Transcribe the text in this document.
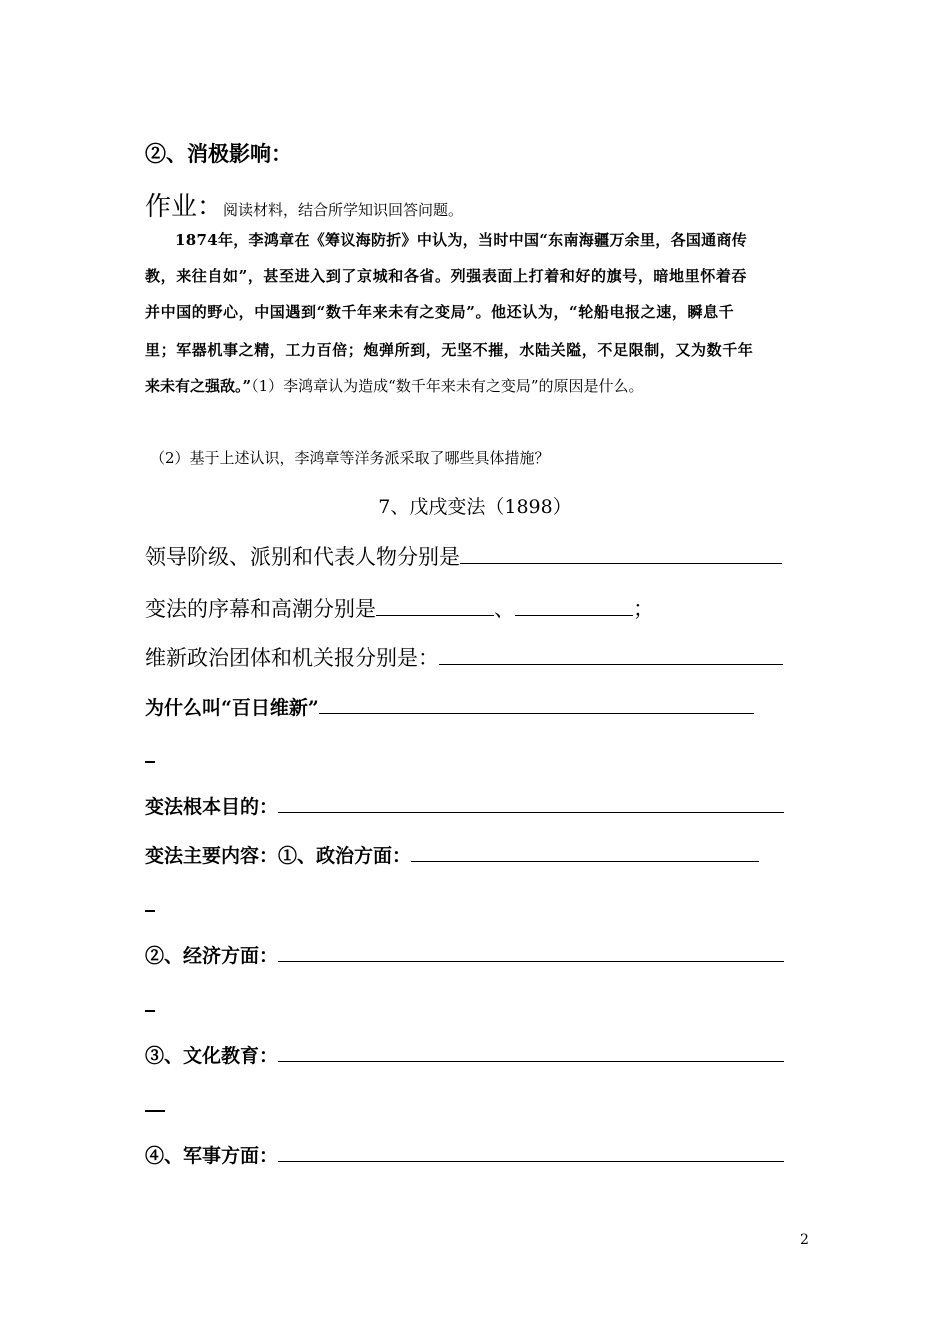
②、消极影响：
作业：阅读材料，结合所学知识回答问题。
1874年，李鸿章在《筹议海防折》中认为，当时中国“东南海疆万余里，各国通商传
教，来往自如”，甚至进入到了京城和各省。列强表面上打着和好的旗号，暗地里怀着吞
并中国的野心，中国遇到“数千年来未有之变局”。他还认为，“轮船电报之速，瞬息千
里；军器机事之精，工力百倍；炮弹所到，无坚不摧，水陆关隘，不足限制，又为数千年
来未有之强敌。”（1）李鸿章认为造成“数千年来未有之变局”的原因是什么。
（2）基于上述认识，李鸿章等洋务派采取了哪些具体措施？
7、戊戌变法（1898）
领导阶级、派别和代表人物分别是
变法的序幕和高潮分别是	、	；
维新政治团体和机关报分别是：
为什么叫“百日维新”
变法根本目的：
变法主要内容：①、政治方面：
②、经济方面：
③、文化教育：
④、军事方面：
2
